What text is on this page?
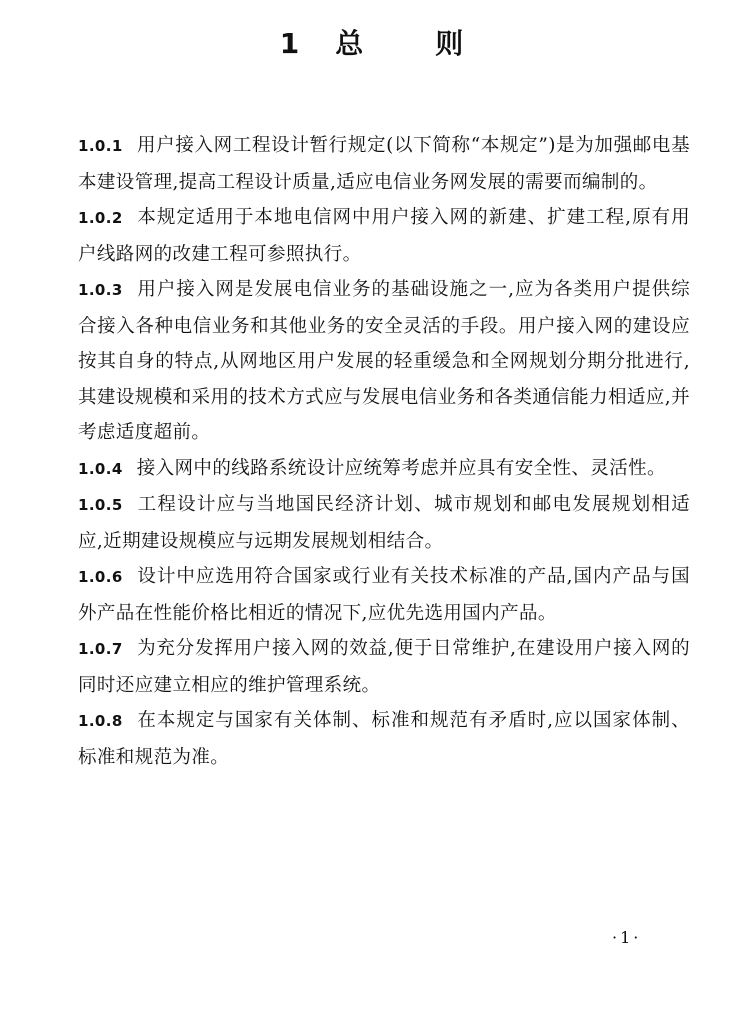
1 总	则

1.0.1 用户接入网工程设计暂行规定(以下简称“本规定”)是为加强邮电基本建设管理,提高工程设计质量,适应电信业务网发展的需要而编制的。

1.0.2 本规定适用于本地电信网中用户接入网的新建、扩建工程,原有用户线路网的改建工程可参照执行。

1.0.3 用户接入网是发展电信业务的基础设施之一,应为各类用户提供综合接入各种电信业务和其他业务的安全灵活的手段。用户接入网的建设应按其自身的特点,从网地区用户发展的轻重缓急和全网规划分期分批进行,其建设规模和采用的技术方式应与发展电信业务和各类通信能力相适应,并考虑适度超前。

1.0.4 接入网中的线路系统设计应统筹考虑并应具有安全性、灵活性。

1.0.5 工程设计应与当地国民经济计划、城市规划和邮电发展规划相适应,近期建设规模应与远期发展规划相结合。

1.0.6 设计中应选用符合国家或行业有关技术标准的产品,国内产品与国外产品在性能价格比相近的情况下,应优先选用国内产品。

1.0.7 为充分发挥用户接入网的效益,便于日常维护,在建设用户接入网的同时还应建立相应的维护管理系统。

1.0.8 在本规定与国家有关体制、标准和规范有矛盾时,应以国家体制、标准和规范为准。

·1·
